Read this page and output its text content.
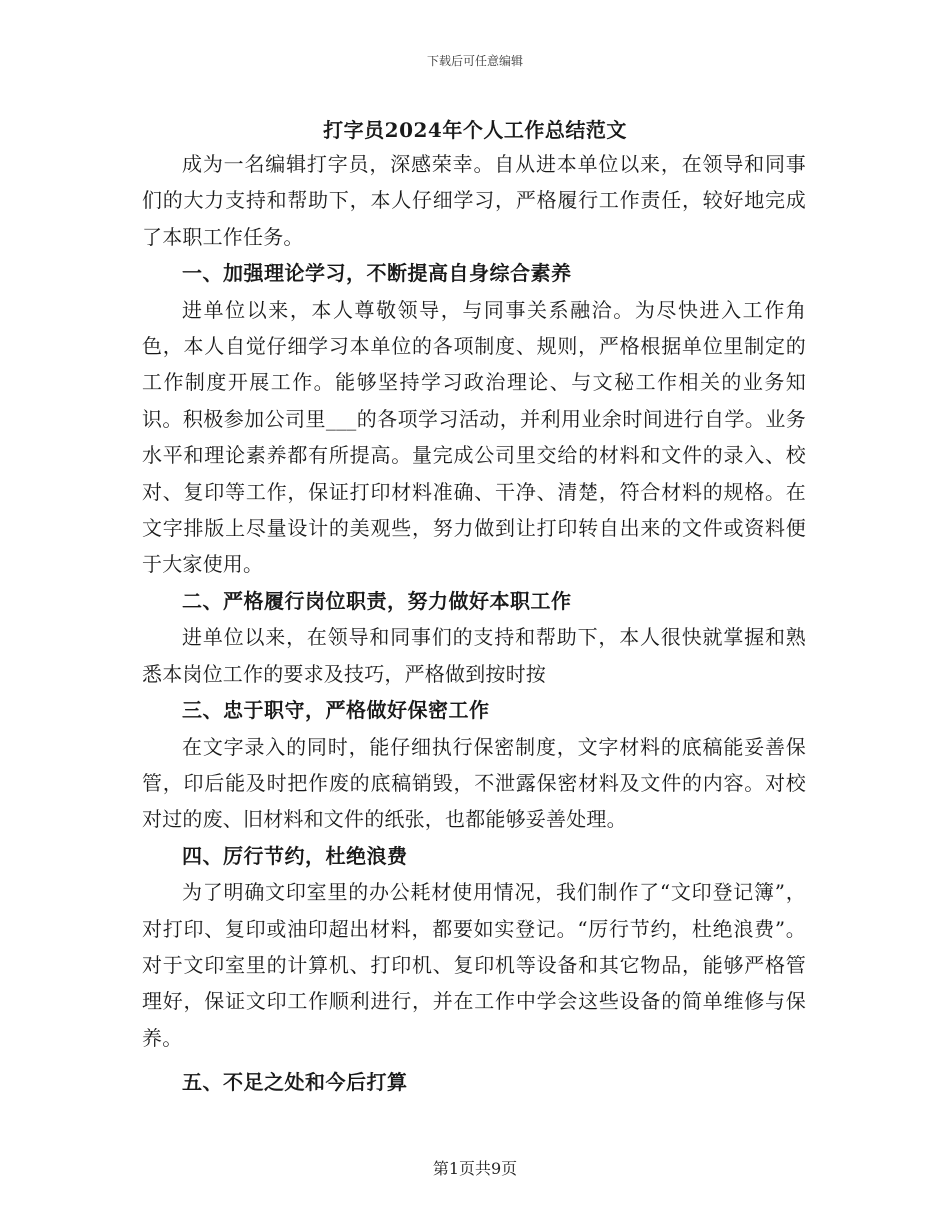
下载后可任意编辑
打字员2024年个人工作总结范文

成为一名编辑打字员，深感荣幸。自从进本单位以来，在领导和同事们的大力支持和帮助下，本人仔细学习，严格履行工作责任，较好地完成了本职工作任务。

一、加强理论学习，不断提高自身综合素养

进单位以来，本人尊敬领导，与同事关系融洽。为尽快进入工作角色，本人自觉仔细学习本单位的各项制度、规则，严格根据单位里制定的工作制度开展工作。能够坚持学习政治理论、与文秘工作相关的业务知识。积极参加公司里___的各项学习活动，并利用业余时间进行自学。业务水平和理论素养都有所提高。量完成公司里交给的材料和文件的录入、校对、复印等工作，保证打印材料准确、干净、清楚，符合材料的规格。在文字排版上尽量设计的美观些，努力做到让打印转自出来的文件或资料便于大家使用。

二、严格履行岗位职责，努力做好本职工作

进单位以来，在领导和同事们的支持和帮助下，本人很快就掌握和熟悉本岗位工作的要求及技巧，严格做到按时按

三、忠于职守，严格做好保密工作

在文字录入的同时，能仔细执行保密制度，文字材料的底稿能妥善保管，印后能及时把作废的底稿销毁，不泄露保密材料及文件的内容。对校对过的废、旧材料和文件的纸张，也都能够妥善处理。

四、厉行节约，杜绝浪费

为了明确文印室里的办公耗材使用情况，我们制作了“文印登记簿”，对打印、复印或油印超出材料，都要如实登记。“厉行节约，杜绝浪费”。对于文印室里的计算机、打印机、复印机等设备和其它物品，能够严格管理好，保证文印工作顺利进行，并在工作中学会这些设备的简单维修与保养。

五、不足之处和今后打算

第1页共9页
